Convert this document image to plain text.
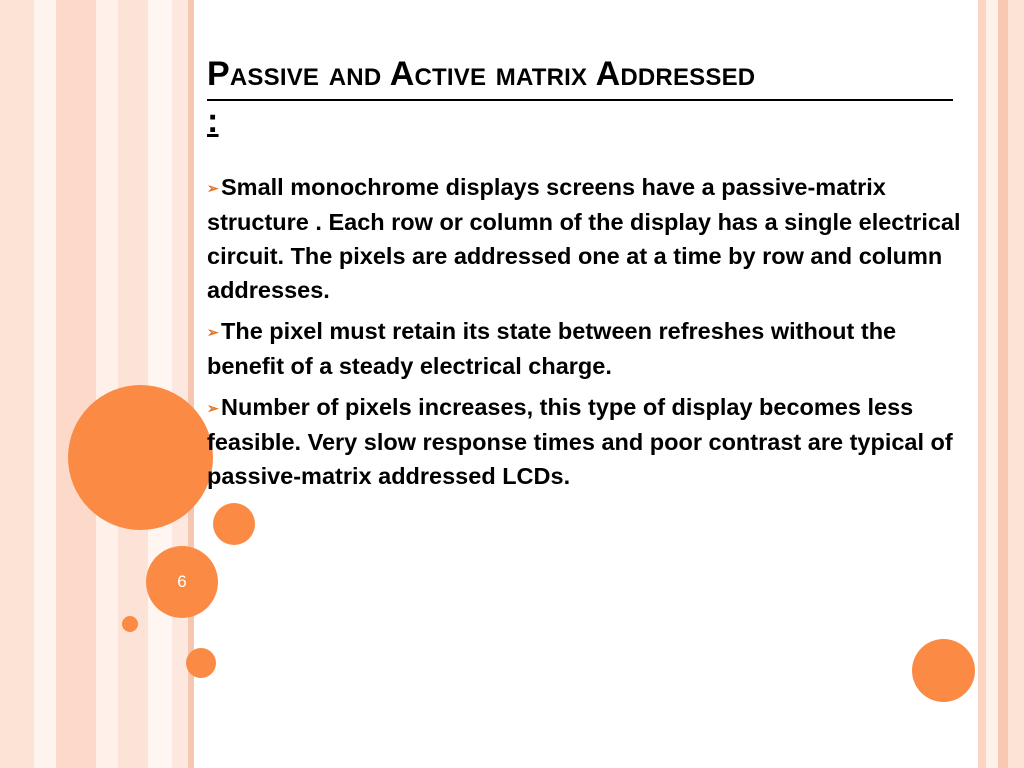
6
Passive and Active matrix Addressed
:
➢Small monochrome displays screens have a passive-matrix structure . Each row or column of the display has a single electrical circuit. The pixels are addressed one at a time by row and column addresses.
➢The pixel must retain its state between refreshes without the benefit of a steady electrical charge.
➢Number of pixels increases, this type of display becomes less feasible. Very slow response times and poor contrast are typical of passive-matrix addressed LCDs.
